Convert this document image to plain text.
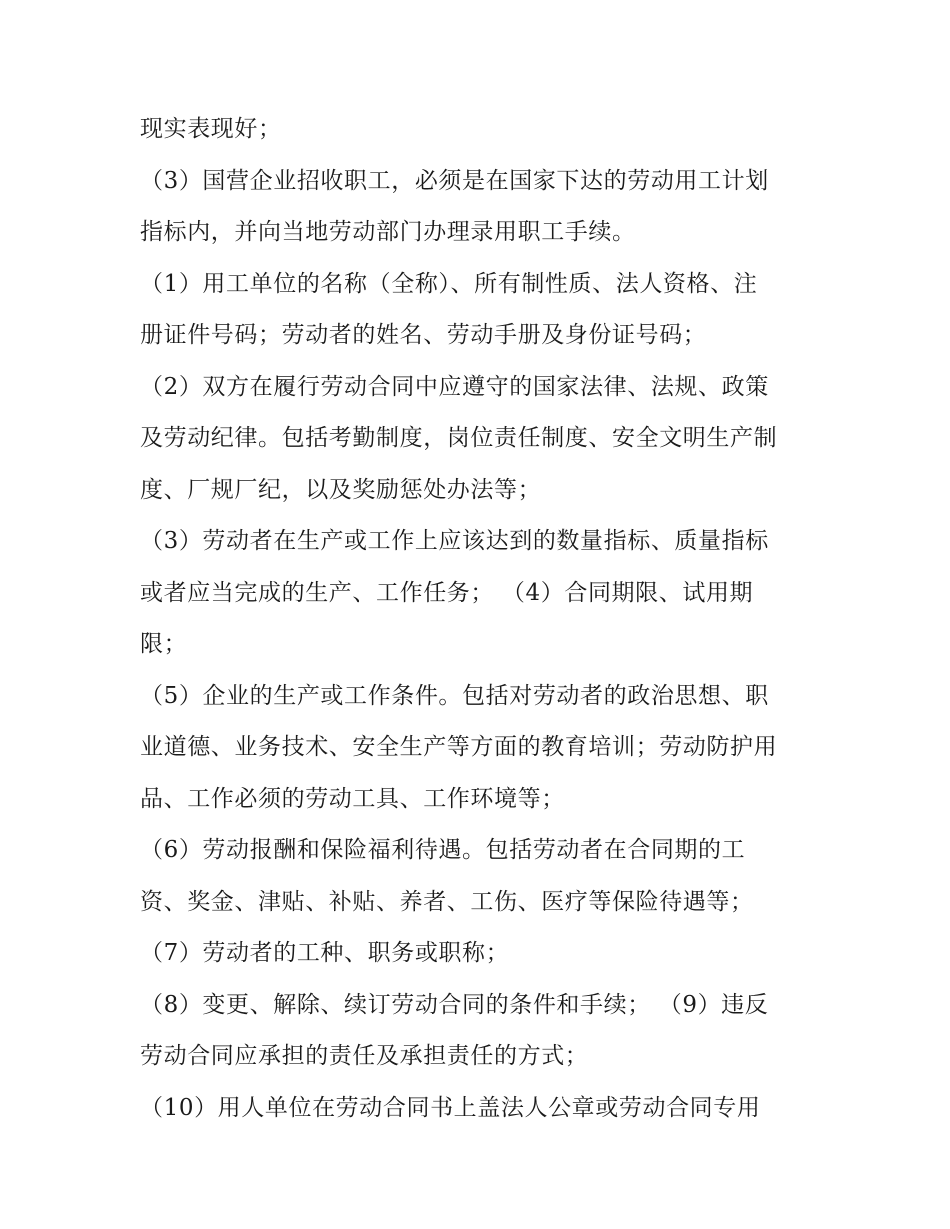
现实表现好；
（3）国营企业招收职工，必须是在国家下达的劳动用工计划
指标内，并向当地劳动部门办理录用职工手续。
（1）用工单位的名称（全称）、所有制性质、法人资格、注
册证件号码；劳动者的姓名、劳动手册及身份证号码；
（2）双方在履行劳动合同中应遵守的国家法律、法规、政策
及劳动纪律。包括考勤制度，岗位责任制度、安全文明生产制
度、厂规厂纪，以及奖励惩处办法等；
（3）劳动者在生产或工作上应该达到的数量指标、质量指标
或者应当完成的生产、工作任务； （4）合同期限、试用期
限；
（5）企业的生产或工作条件。包括对劳动者的政治思想、职
业道德、业务技术、安全生产等方面的教育培训；劳动防护用
品、工作必须的劳动工具、工作环境等；
（6）劳动报酬和保险福利待遇。包括劳动者在合同期的工
资、奖金、津贴、补贴、养者、工伤、医疗等保险待遇等；
（7）劳动者的工种、职务或职称；
（8）变更、解除、续订劳动合同的条件和手续； （9）违反
劳动合同应承担的责任及承担责任的方式；
（10）用人单位在劳动合同书上盖法人公章或劳动合同专用
